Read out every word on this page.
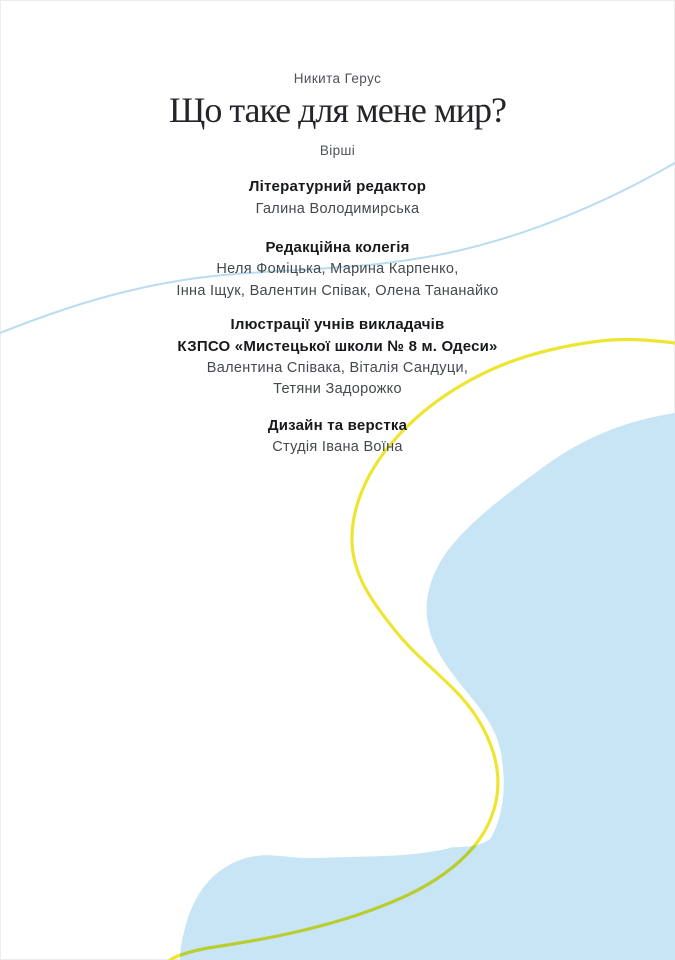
Никита Герус
Що таке для мене мир?
Вірші
Літературний редактор
Галина Володимирська
Редакційна колегія
Неля Фоміцька, Марина Карпенко,
Інна Іщук, Валентин Співак, Олена Тананайко
Ілюстрації учнів викладачів
КЗПСО «Мистецької школи № 8 м. Одеси»
Валентина Співака, Віталія Сандуци,
Тетяни Задорожко
Дизайн та верстка
Студія Івана Воїна
